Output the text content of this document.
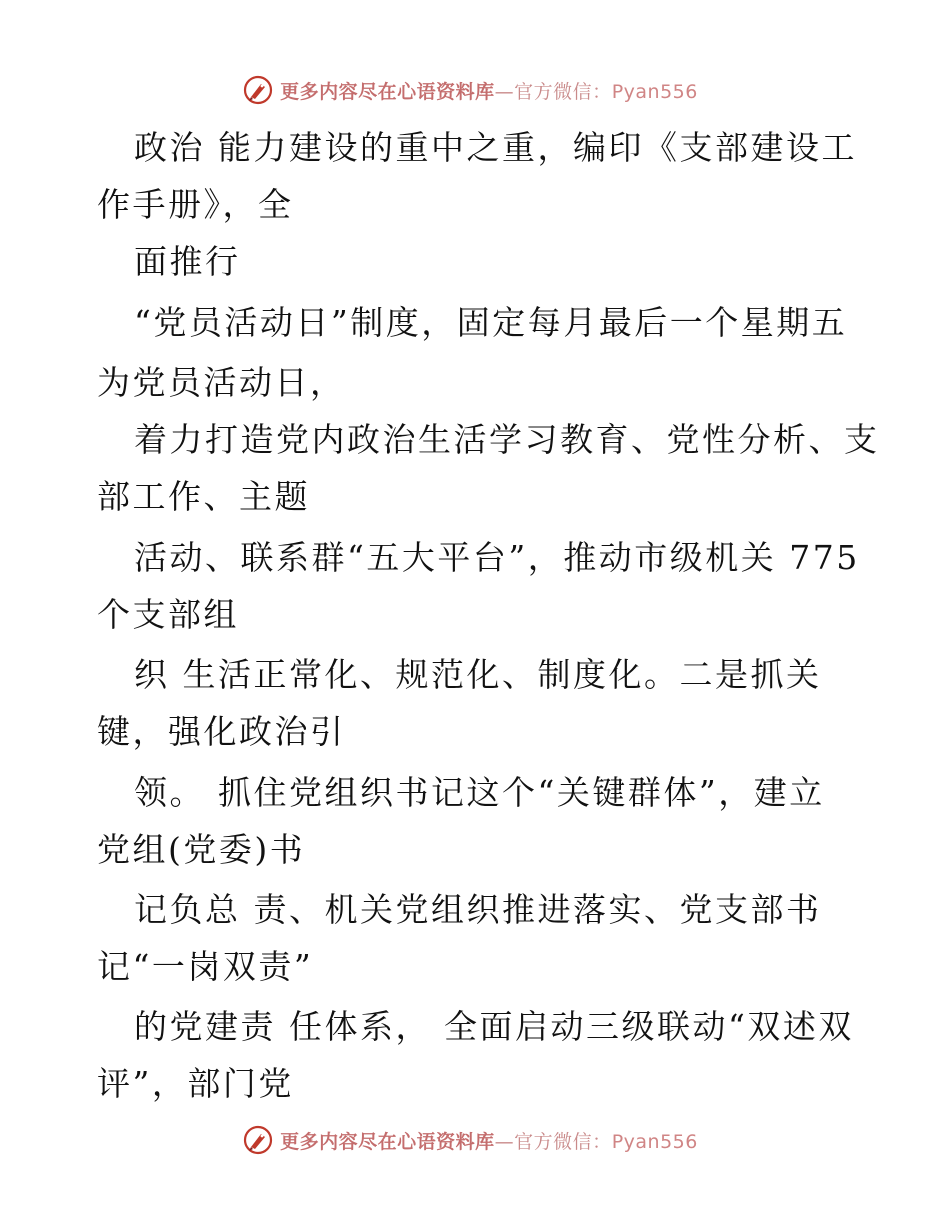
更多内容尽在心语资料库—官方微信：Pyan556
政治 能力建设的重中之重，编印《支部建设工
作手册》，全
面推行
“党员活动日”制度，固定每月最后一个星期五
为党员活动日，
着力打造党内政治生活学习教育、党性分析、支
部工作、主题
活动、联系群“五大平台”，推动市级机关 775
个支部组
织 生活正常化、规范化、制度化。二是抓关
键，强化政治引
领。 抓住党组织书记这个“关键群体”，建立
党组(党委)书
记负总 责、机关党组织推进落实、党支部书
记“一岗双责”
的党建责 任体系， 全面启动三级联动“双述双
评”，部门党
更多内容尽在心语资料库—官方微信：Pyan556
